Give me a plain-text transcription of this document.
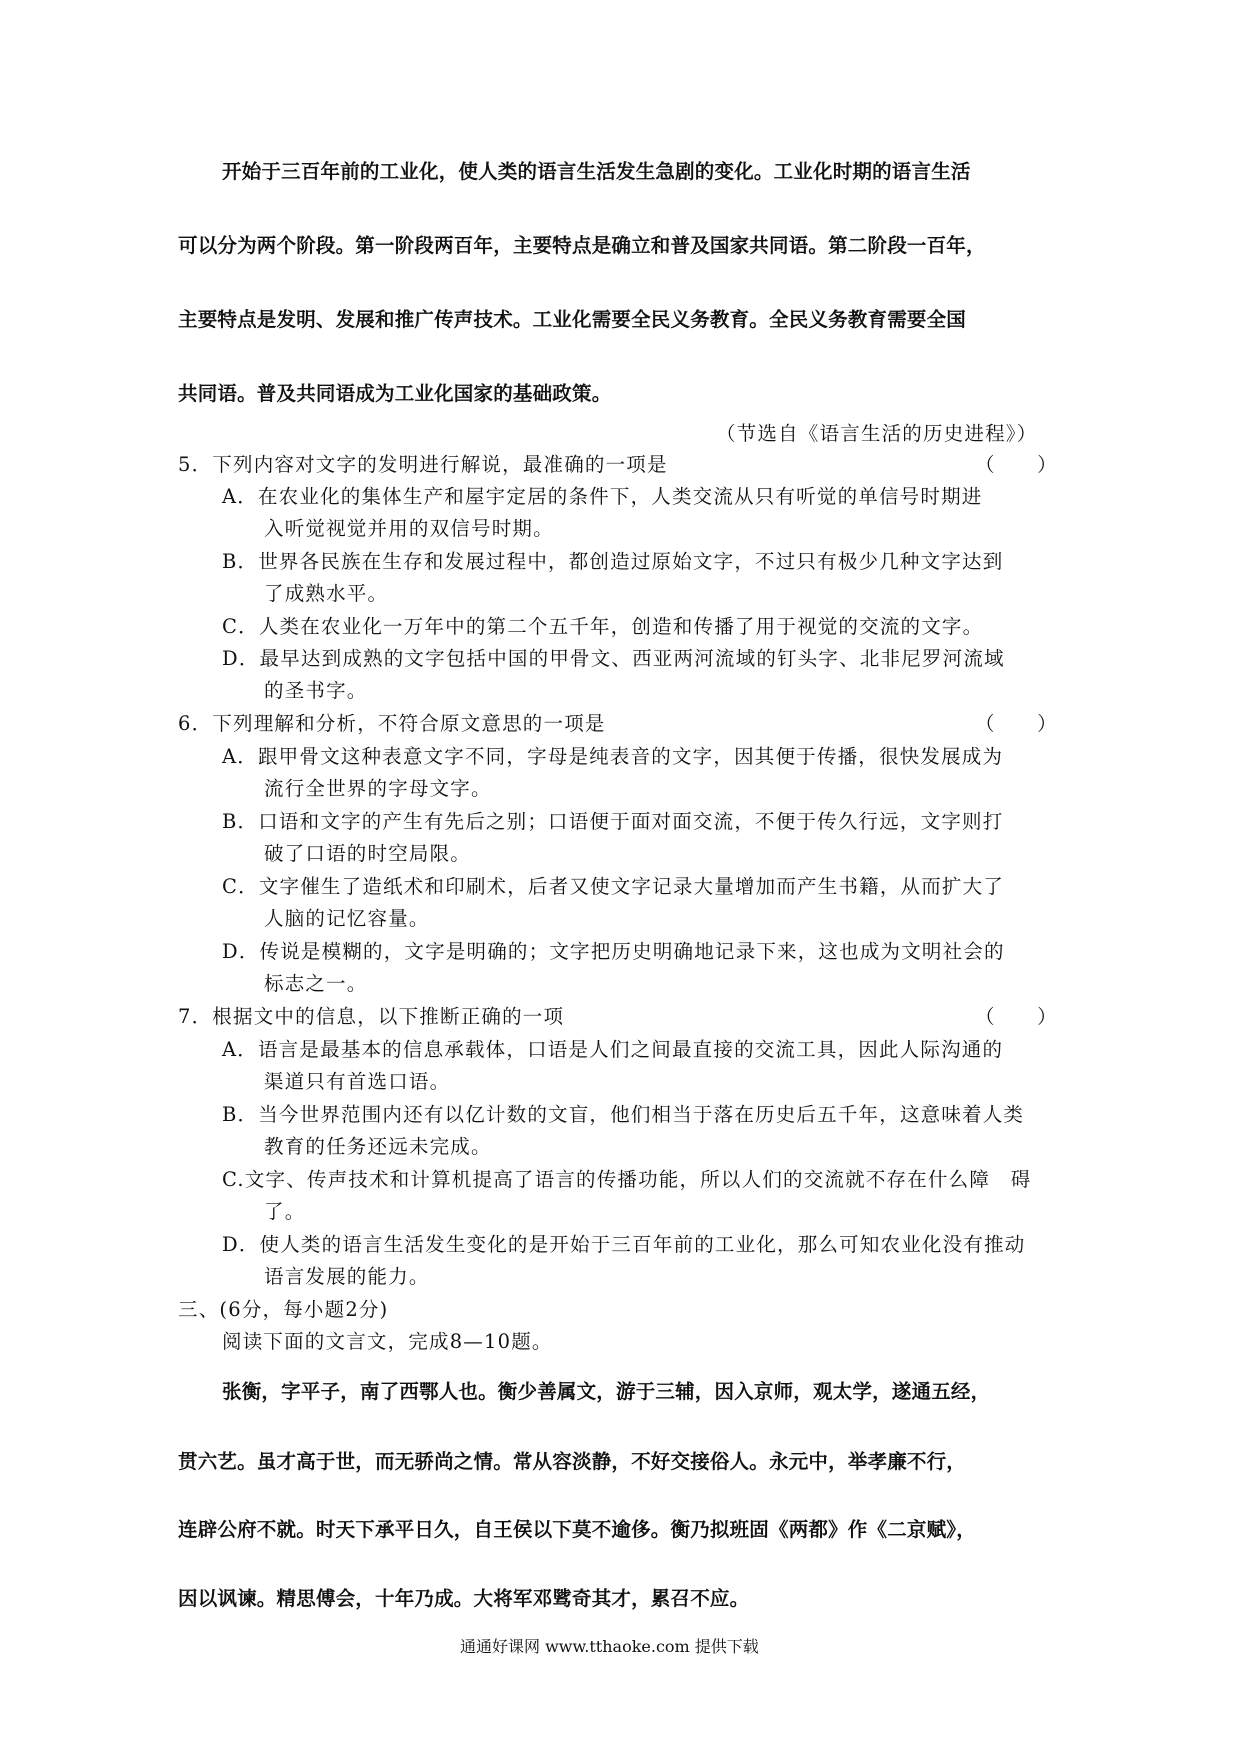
开始于三百年前的工业化，使人类的语言生活发生急剧的变化。工业化时期的语言生活
可以分为两个阶段。第一阶段两百年，主要特点是确立和普及国家共同语。第二阶段一百年，
主要特点是发明、发展和推广传声技术。工业化需要全民义务教育。全民义务教育需要全国
共同语。普及共同语成为工业化国家的基础政策。
（节选自《语言生活的历史进程》）
5．下列内容对文字的发明进行解说，最准确的一项是	（　　）
A．在农业化的集体生产和屋宇定居的条件下，人类交流从只有听觉的单信号时期进
入听觉视觉并用的双信号时期。
B．世界各民族在生存和发展过程中，都创造过原始文字，不过只有极少几种文字达到
了成熟水平。
C．人类在农业化一万年中的第二个五千年，创造和传播了用于视觉的交流的文字。
D．最早达到成熟的文字包括中国的甲骨文、西亚两河流域的钉头字、北非尼罗河流域
的圣书字。
6．下列理解和分析，不符合原文意思的一项是	（　　）
A．跟甲骨文这种表意文字不同，字母是纯表音的文字，因其便于传播，很快发展成为
流行全世界的字母文字。
B．口语和文字的产生有先后之别；口语便于面对面交流，不便于传久行远，文字则打
破了口语的时空局限。
C．文字催生了造纸术和印刷术，后者又使文字记录大量增加而产生书籍，从而扩大了
人脑的记忆容量。
D．传说是模糊的，文字是明确的；文字把历史明确地记录下来，这也成为文明社会的
标志之一。
7．根据文中的信息，以下推断正确的一项	（　　）
A．语言是最基本的信息承载体，口语是人们之间最直接的交流工具，因此人际沟通的
渠道只有首选口语。
B．当今世界范围内还有以亿计数的文盲，他们相当于落在历史后五千年，这意味着人类
教育的任务还远未完成。
C.文字、传声技术和计算机提高了语言的传播功能，所以人们的交流就不存在什么障　碍
了。
D．使人类的语言生活发生变化的是开始于三百年前的工业化，那么可知农业化没有推动
语言发展的能力。
三、(6分，每小题2分)
阅读下面的文言文，完成8—10题。
张衡，字平子，南了西鄂人也。衡少善属文，游于三辅，因入京师，观太学，遂通五经，
贯六艺。虽才高于世，而无骄尚之情。常从容淡静，不好交接俗人。永元中，举孝廉不行，
连辟公府不就。时天下承平日久，自王侯以下莫不逾侈。衡乃拟班固《两都》作《二京赋》，
因以讽谏。精思傅会，十年乃成。大将军邓骘奇其才，累召不应。
通通好课网 www.tthaoke.com 提供下载
